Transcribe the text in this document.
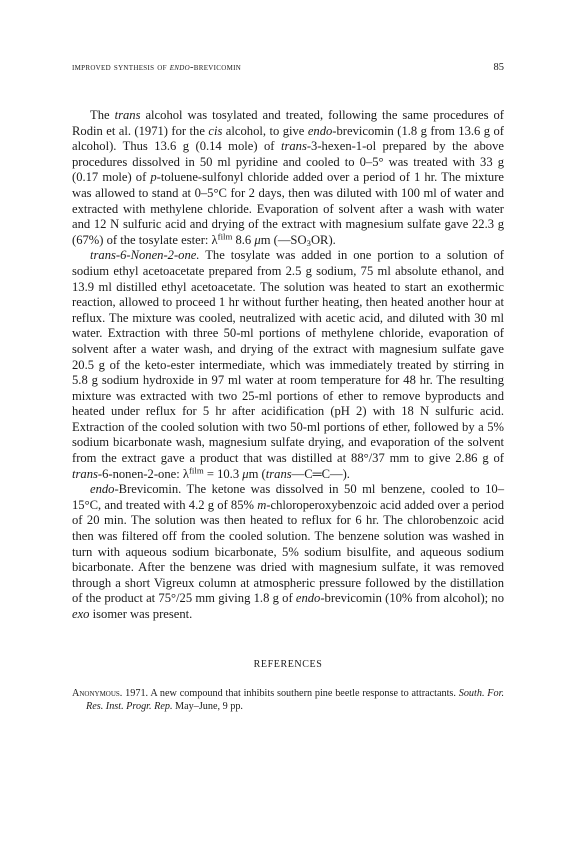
improved synthesis of endo-brevicomin	85

The trans alcohol was tosylated and treated, following the same procedures of Rodin et al. (1971) for the cis alcohol, to give endo-brevicomin (1.8 g from 13.6 g of alcohol). Thus 13.6 g (0.14 mole) of trans-3-hexen-1-ol prepared by the above procedures dissolved in 50 ml pyridine and cooled to 0–5° was treated with 33 g (0.17 mole) of p-toluene-sulfonyl chloride added over a period of 1 hr. The mixture was allowed to stand at 0–5°C for 2 days, then was diluted with 100 ml of water and extracted with methylene chloride. Evaporation of solvent after a wash with water and 12 N sulfuric acid and drying of the extract with magnesium sulfate gave 22.3 g (67%) of the tosylate ester: $\lambda^{film}$ 8.6 μm $(—SO_3OR)$.

trans-6-Nonen-2-one. The tosylate was added in one portion to a solution of sodium ethyl acetoacetate prepared from 2.5 g sodium, 75 ml absolute ethanol, and 13.9 ml distilled ethyl acetoacetate. The solution was heated to start an exothermic reaction, allowed to proceed 1 hr without further heating, then heated another hour at reflux. The mixture was cooled, neutralized with acetic acid, and diluted with 30 ml water. Extraction with three 50-ml portions of methylene chloride, evaporation of solvent after a water wash, and drying of the extract with magnesium sulfate gave 20.5 g of the keto-ester intermediate, which was immediately treated by stirring in 5.8 g sodium hydroxide in 97 ml water at room temperature for 48 hr. The resulting mixture was extracted with two 25-ml portions of ether to remove byproducts and heated under reflux for 5 hr after acidification (pH 2) with 18 N sulfuric acid. Extraction of the cooled solution with two 50-ml portions of ether, followed by a 5% sodium bicarbonate wash, magnesium sulfate drying, and evaporation of the solvent from the extract gave a product that was distilled at 88°/37 mm to give 2.86 g of trans-6-nonen-2-one: $\lambda^{film} = 10.3$ μm (trans—C═C—).

endo-Brevicomin. The ketone was dissolved in 50 ml benzene, cooled to 10–15°C, and treated with 4.2 g of 85% m-chloroperoxybenzoic acid added over a period of 20 min. The solution was then heated to reflux for 6 hr. The chlorobenzoic acid then was filtered off from the cooled solution. The benzene solution was washed in turn with aqueous sodium bicarbonate, 5% sodium bisulfite, and aqueous sodium bicarbonate. After the benzene was dried with magnesium sulfate, it was removed through a short Vigreux column at atmospheric pressure followed by the distillation of the product at 75°/25 mm giving 1.8 g of endo-brevicomin (10% from alcohol); no exo isomer was present.

REFERENCES
Anonymous. 1971. A new compound that inhibits southern pine beetle response to attractants. South. For. Res. Inst. Progr. Rep. May–June, 9 pp.
